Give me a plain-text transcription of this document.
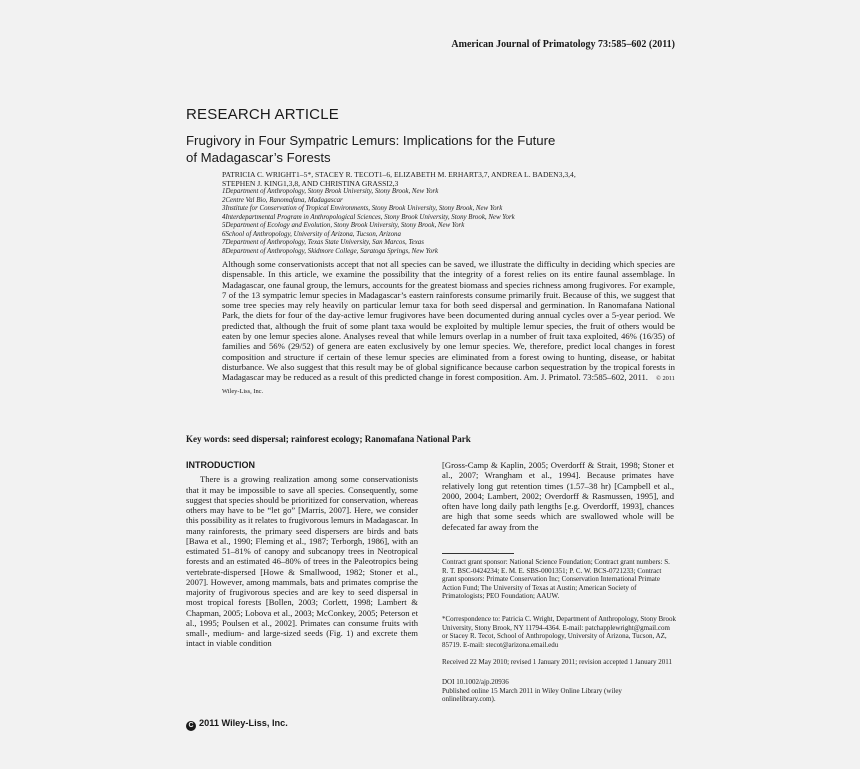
American Journal of Primatology 73:585–602 (2011)
RESEARCH ARTICLE
Frugivory in Four Sympatric Lemurs: Implications for the Future
of Madagascar’s Forests
PATRICIA C. WRIGHT1–5*, STACEY R. TECOT1–6, ELIZABETH M. ERHART3,7, ANDREA L. BADEN3,3,4,
STEPHEN J. KING1,3,8, AND CHRISTINA GRASSI2,3
1Department of Anthropology, Stony Brook University, Stony Brook, New York
2Centre Val Bio, Ranomafana, Madagascar
3Institute for Conservation of Tropical Environments, Stony Brook University, Stony Brook, New York
4Interdepartmental Program in Anthropological Sciences, Stony Brook University, Stony Brook, New York
5Department of Ecology and Evolution, Stony Brook University, Stony Brook, New York
6School of Anthropology, University of Arizona, Tucson, Arizona
7Department of Anthropology, Texas State University, San Marcos, Texas
8Department of Anthropology, Skidmore College, Saratoga Springs, New York
Although some conservationists accept that not all species can be saved, we illustrate the difficulty in deciding which species are dispensable. In this article, we examine the possibility that the integrity of a forest relies on its entire faunal assemblage. In Madagascar, one faunal group, the lemurs, accounts for the greatest biomass and species richness among frugivores. For example, 7 of the 13 sympatric lemur species in Madagascar’s eastern rainforests consume primarily fruit. Because of this, we suggest that some tree species may rely heavily on particular lemur taxa for both seed dispersal and germination. In Ranomafana National Park, the diets for four of the day-active lemur frugivores have been documented during annual cycles over a 5-year period. We predicted that, although the fruit of some plant taxa would be exploited by multiple lemur species, the fruit of others would be eaten by one lemur species alone. Analyses reveal that while lemurs overlap in a number of fruit taxa exploited, 46% (16/35) of families and 56% (29/52) of genera are eaten exclusively by one lemur species. We, therefore, predict local changes in forest composition and structure if certain of these lemur species are eliminated from a forest owing to hunting, disease, or habitat disturbance. We also suggest that this result may be of global significance because carbon sequestration by the tropical forests in Madagascar may be reduced as a result of this predicted change in forest composition. Am. J. Primatol. 73:585–602, 2011. © 2011 Wiley-Liss, Inc.
Key words: seed dispersal; rainforest ecology; Ranomafana National Park
INTRODUCTION

There is a growing realization among some conservationists that it may be impossible to save all species. Consequently, some suggest that species should be prioritized for conservation, whereas others may have to be “let go” [Marris, 2007]. Here, we consider this possibility as it relates to frugivorous lemurs in Madagascar. In many rainforests, the primary seed dispersers are birds and bats [Bawa et al., 1990; Fleming et al., 1987; Terborgh, 1986], with an estimated 51–81% of canopy and subcanopy trees in Neotropical forests and an estimated 46–80% of trees in the Paleotropics being vertebrate-dispersed [Howe & Smallwood, 1982; Stoner et al., 2007]. However, among mammals, bats and primates comprise the majority of frugivorous species and are key to seed dispersal in most tropical forests [Bollen, 2003; Corlett, 1998; Lambert & Chapman, 2005; Lobova et al., 2003; McConkey, 2005; Peterson et al., 1995; Poulsen et al., 2002]. Primates can consume fruits with small-, medium- and large-sized seeds (Fig. 1) and excrete them intact in viable condition

[Gross-Camp & Kaplin, 2005; Overdorff & Strait, 1998; Stoner et al., 2007; Wrangham et al., 1994]. Because primates have relatively long gut retention times (1.57–38 hr) [Campbell et al., 2000, 2004; Lambert, 2002; Overdorff & Rasmussen, 1995], and often have long daily path lengths [e.g. Overdorff, 1993], chances are high that some seeds which are swallowed whole will be defecated far away from the

Contract grant sponsor: National Science Foundation; Contract grant numbers: S. R. T. BSC-0424234; E. M. E. SBS-0001351; P. C. W. BCS-0721233; Contract grant sponsors: Primate Conservation Inc; Conservation International Primate Action Fund; The University of Texas at Austin; American Society of Primatologists; PEO Foundation; AAUW.
*Correspondence to: Patricia C. Wright, Department of Anthropology, Stony Brook University, Stony Brook, NY 11794-4364. E-mail: patchapplewright@gmail.com or Stacey R. Tecot, School of Anthropology, University of Arizona, Tucson, AZ, 85719. E-mail: stecot@arizona.email.edu
Received 22 May 2010; revised 1 January 2011; revision accepted 1 January 2011
DOI 10.1002/ajp.20936
Published online 15 March 2011 in Wiley Online Library (wiley onlinelibrary.com).
C 2011 Wiley-Liss, Inc.
